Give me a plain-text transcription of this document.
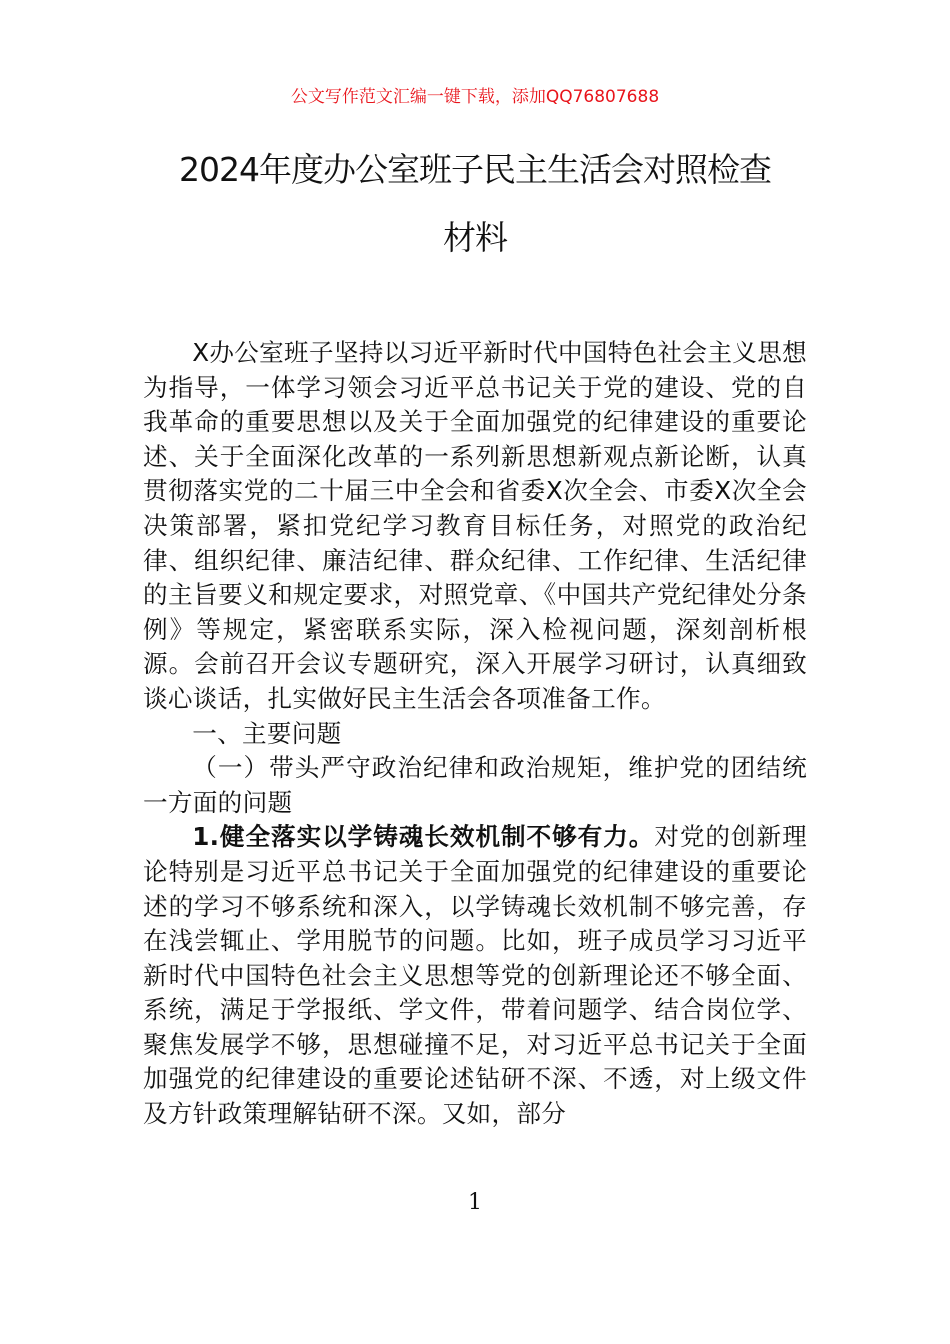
公文写作范文汇编一键下载，添加QQ76807688
2024年度办公室班子民主生活会对照检查
材料

X办公室班子坚持以习近平新时代中国特色社会主义思想为指导，一体学习领会习近平总书记关于党的建设、党的自我革命的重要思想以及关于全面加强党的纪律建设的重要论述、关于全面深化改革的一系列新思想新观点新论断，认真贯彻落实党的二十届三中全会和省委X次全会、市委X次全会决策部署，紧扣党纪学习教育目标任务，对照党的政治纪律、组织纪律、廉洁纪律、群众纪律、工作纪律、生活纪律的主旨要义和规定要求，对照党章、《中国共产党纪律处分条例》等规定，紧密联系实际，深入检视问题，深刻剖析根源。会前召开会议专题研究，深入开展学习研讨，认真细致谈心谈话，扎实做好民主生活会各项准备工作。

一、主要问题

（一）带头严守政治纪律和政治规矩，维护党的团结统一方面的问题

1.健全落实以学铸魂长效机制不够有力。对党的创新理论特别是习近平总书记关于全面加强党的纪律建设的重要论述的学习不够系统和深入，以学铸魂长效机制不够完善，存在浅尝辄止、学用脱节的问题。比如，班子成员学习习近平新时代中国特色社会主义思想等党的创新理论还不够全面、系统，满足于学报纸、学文件，带着问题学、结合岗位学、聚焦发展学不够，思想碰撞不足，对习近平总书记关于全面加强党的纪律建设的重要论述钻研不深、不透，对上级文件及方针政策理解钻研不深。又如，部分

1
